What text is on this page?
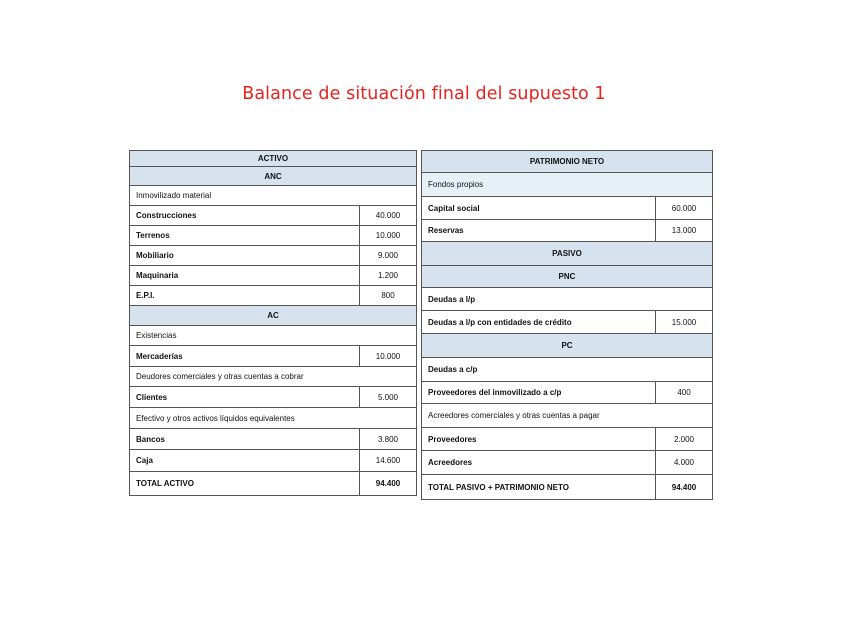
Balance de situación final del supuesto 1
ACTIVO
ANC
Inmovilizado material
Construcciones	40.000
Terrenos	10.000
Mobiliario	9.000
Maquinaria	1.200
E.P.I.	800
AC
Existencias
Mercaderías	10.000
Deudores comerciales y otras cuentas a cobrar
Clientes	5.000
Efectivo y otros activos líquidos equivalentes
Bancos	3.800
Caja	14.600
TOTAL ACTIVO	94.400
PATRIMONIO NETO
Fondos propios
Capital social	60.000
Reservas	13.000
PASIVO
PNC
Deudas a l/p
Deudas a l/p con entidades de crédito	15.000
PC
Deudas a c/p
Proveedores del inmovilizado a c/p	400
Acreedores comerciales y otras cuentas a pagar
Proveedores	2.000
Acreedores	4.000
TOTAL PASIVO + PATRIMONIO NETO	94.400
